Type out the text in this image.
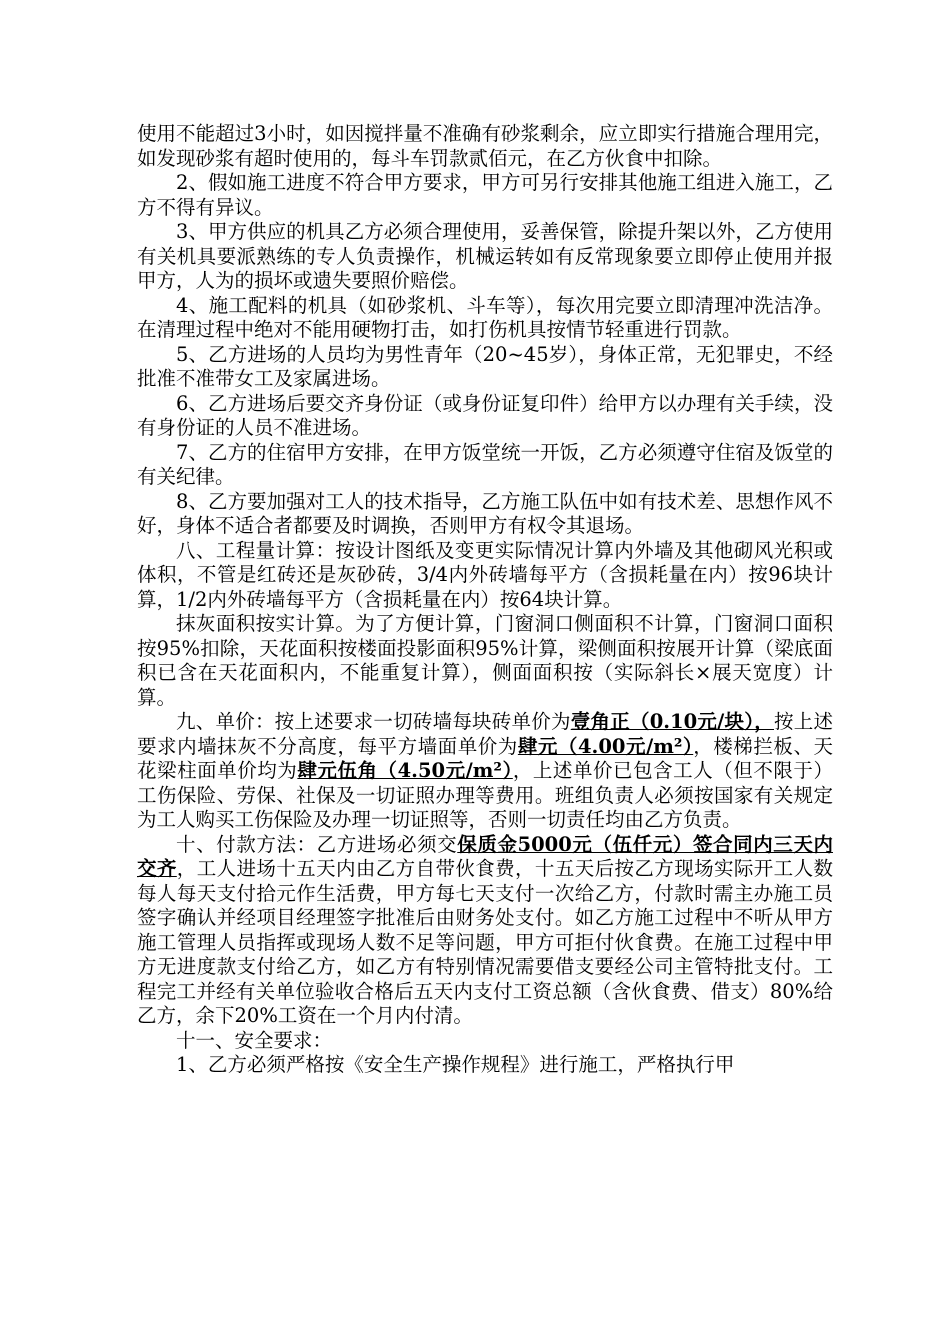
使用不能超过3小时，如因搅拌量不准确有砂浆剩余，应立即实行措施合理用完，如发现砂浆有超时使用的，每斗车罚款贰佰元，在乙方伙食中扣除。

2、假如施工进度不符合甲方要求，甲方可另行安排其他施工组进入施工，乙方不得有异议。

3、甲方供应的机具乙方必须合理使用，妥善保管，除提升架以外，乙方使用有关机具要派熟练的专人负责操作，机械运转如有反常现象要立即停止使用并报甲方，人为的损坏或遗失要照价赔偿。

4、施工配料的机具（如砂浆机、斗车等），每次用完要立即清理冲洗洁净。在清理过程中绝对不能用硬物打击，如打伤机具按情节轻重进行罚款。

5、乙方进场的人员均为男性青年（20~45岁），身体正常，无犯罪史，不经批准不准带女工及家属进场。

6、乙方进场后要交齐身份证（或身份证复印件）给甲方以办理有关手续，没有身份证的人员不准进场。

7、乙方的住宿甲方安排，在甲方饭堂统一开饭，乙方必须遵守住宿及饭堂的有关纪律。

8、乙方要加强对工人的技术指导，乙方施工队伍中如有技术差、思想作风不好，身体不适合者都要及时调换，否则甲方有权令其退场。

八、工程量计算：按设计图纸及变更实际情况计算内外墙及其他砌风光积或体积，不管是红砖还是灰砂砖，3/4内外砖墙每平方（含损耗量在内）按96块计算，1/2内外砖墙每平方（含损耗量在内）按64块计算。

抹灰面积按实计算。为了方便计算，门窗洞口侧面积不计算，门窗洞口面积按95%扣除，天花面积按楼面投影面积95%计算，梁侧面积按展开计算（梁底面积已含在天花面积内，不能重复计算），侧面面积按（实际斜长×展天宽度）计算。

九、单价：按上述要求一切砖墙每块砖单价为壹角正（0.10元/块），按上述要求内墙抹灰不分高度，每平方墙面单价为肆元（4.00元/m²），楼梯拦板、天花梁柱面单价均为肆元伍角（4.50元/m²），上述单价已包含工人（但不限于）工伤保险、劳保、社保及一切证照办理等费用。班组负责人必须按国家有关规定为工人购买工伤保险及办理一切证照等，否则一切责任均由乙方负责。

十、付款方法：乙方进场必须交保质金5000元（伍仟元）签合同内三天内交齐，工人进场十五天内由乙方自带伙食费，十五天后按乙方现场实际开工人数每人每天支付拾元作生活费，甲方每七天支付一次给乙方，付款时需主办施工员签字确认并经项目经理签字批准后由财务处支付。如乙方施工过程中不听从甲方施工管理人员指挥或现场人数不足等问题，甲方可拒付伙食费。在施工过程中甲方无进度款支付给乙方，如乙方有特别情况需要借支要经公司主管特批支付。工程完工并经有关单位验收合格后五天内支付工资总额（含伙食费、借支）80%给乙方，余下20%工资在一个月内付清。

十一、安全要求：

1、乙方必须严格按《安全生产操作规程》进行施工，严格执行甲
